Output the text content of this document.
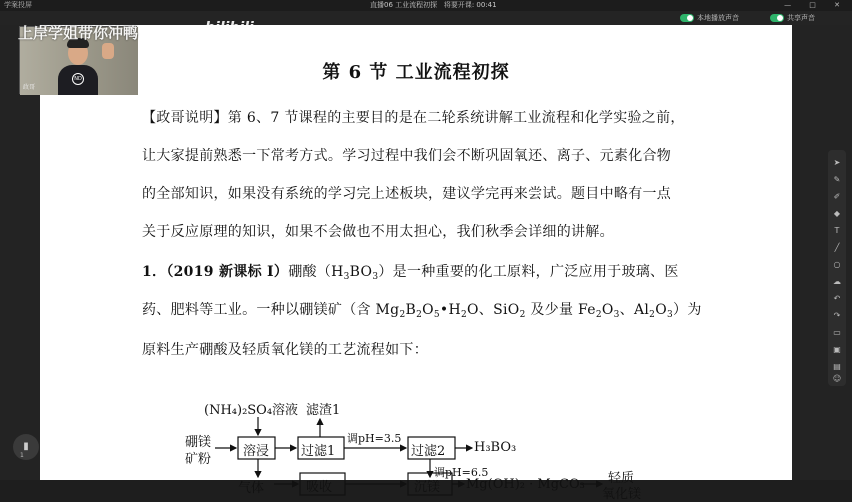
学案投屏	直播06 工业流程初探 将要开课: 00:41	— □ ✕
本地播放声音	共享声音
第 6 节 工业流程初探
【政哥说明】第 6、7 节课程的主要目的是在二轮系统讲解工业流程和化学实验之前，
让大家提前熟悉一下常考方式。学习过程中我们会不断巩固氧还、离子、元素化合物
的全部知识，如果没有系统的学习完上述板块，建议学完再来尝试。题目中略有一点
关于反应原理的知识，如果不会做也不用太担心，我们秋季会详细的讲解。
1．（2019 新课标 I）硼酸$(H_3BO_3)$是一种重要的化工原料，广泛应用于玻璃、医
药、肥料等工业。一种以硼镁矿（含 $Mg_2B_2O_5•H_2O$、SiO$_2$ 及少量 $Fe_2O_3$、$Al_2O_3$）为
原料生产硼酸及轻质氧化镁的工艺流程如下：
(NH₄)₂SO₄溶液 滤渣1
硼镁
矿粉
溶浸 过滤1
调pH=3.5
过滤2 H₃BO₃
调pH=6.5
气体	吸收	沉镁 Mg(OH)₂ · MgCO₃ 轻质
氧化镁
ND
政哥
上岸学姐带你冲鸭	bilibili
➤
✎
✐
◆
T
╱
○
☁
↶
↷
▭
▣
▤
☺
▮
1
